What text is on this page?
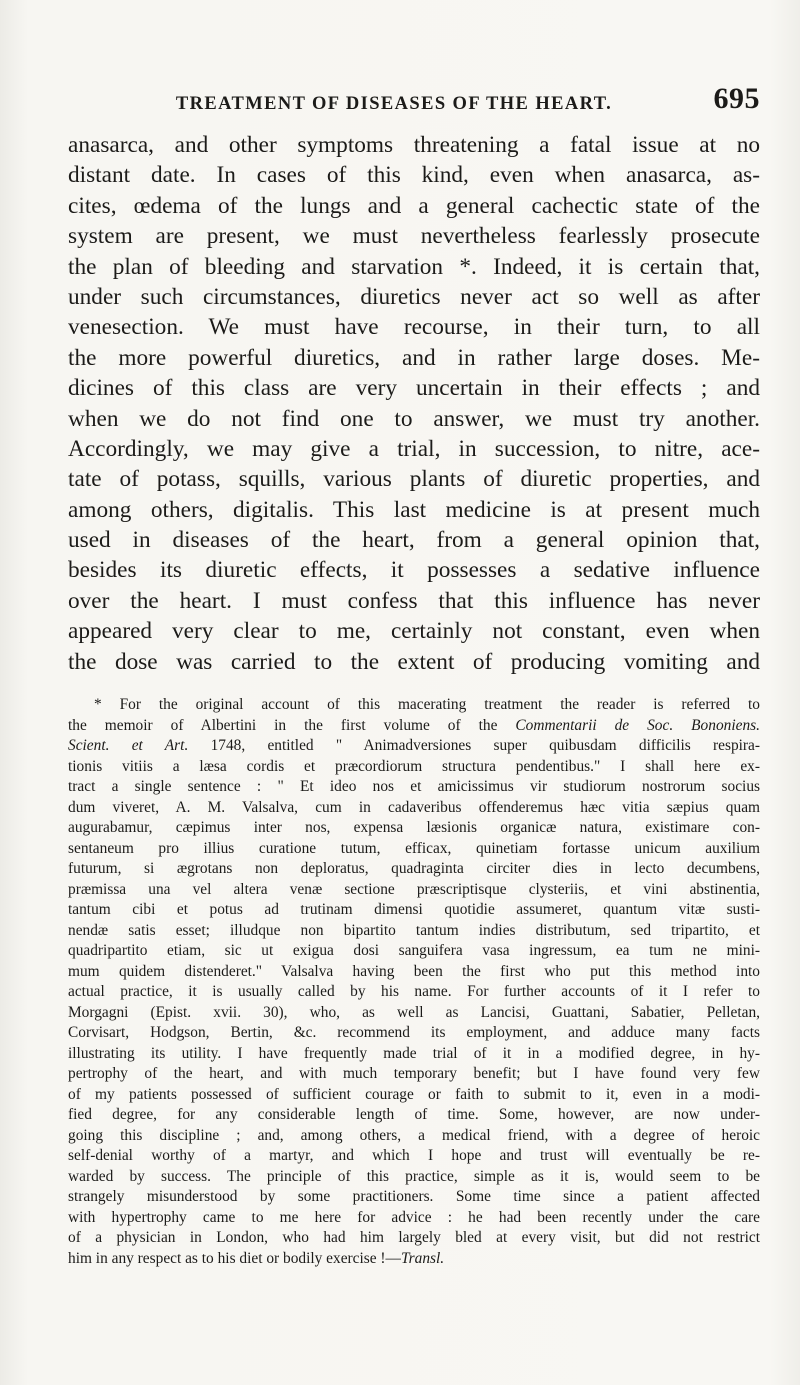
TREATMENT OF DISEASES OF THE HEART.	695
anasarca, and other symptoms threatening a fatal issue at no
distant date. In cases of this kind, even when anasarca, as-
cites, œdema of the lungs and a general cachectic state of the
system are present, we must nevertheless fearlessly prosecute
the plan of bleeding and starvation *. Indeed, it is certain that,
under such circumstances, diuretics never act so well as after
venesection. We must have recourse, in their turn, to all
the more powerful diuretics, and in rather large doses. Me-
dicines of this class are very uncertain in their effects ; and
when we do not find one to answer, we must try another.
Accordingly, we may give a trial, in succession, to nitre, ace-
tate of potass, squills, various plants of diuretic properties, and
among others, digitalis. This last medicine is at present much
used in diseases of the heart, from a general opinion that,
besides its diuretic effects, it possesses a sedative influence
over the heart. I must confess that this influence has never
appeared very clear to me, certainly not constant, even when
the dose was carried to the extent of producing vomiting and
* For the original account of this macerating treatment the reader is referred to
the memoir of Albertini in the first volume of the Commentarii de Soc. Bononiens.
Scient. et Art. 1748, entitled " Animadversiones super quibusdam difficilis respira-
tionis vitiis a læsa cordis et præcordiorum structura pendentibus." I shall here ex-
tract a single sentence : " Et ideo nos et amicissimus vir studiorum nostrorum socius
dum viveret, A. M. Valsalva, cum in cadaveribus offenderemus hæc vitia sæpius quam
augurabamur, cæpimus inter nos, expensa læsionis organicæ natura, existimare con-
sentaneum pro illius curatione tutum, efficax, quinetiam fortasse unicum auxilium
futurum, si ægrotans non deploratus, quadraginta circiter dies in lecto decumbens,
præmissa una vel altera venæ sectione præscriptisque clysteriis, et vini abstinentia,
tantum cibi et potus ad trutinam dimensi quotidie assumeret, quantum vitæ susti-
nendæ satis esset; illudque non bipartito tantum indies distributum, sed tripartito, et
quadripartito etiam, sic ut exigua dosi sanguifera vasa ingressum, ea tum ne mini-
mum quidem distenderet." Valsalva having been the first who put this method into
actual practice, it is usually called by his name. For further accounts of it I refer to
Morgagni (Epist. xvii. 30), who, as well as Lancisi, Guattani, Sabatier, Pelletan,
Corvisart, Hodgson, Bertin, &c. recommend its employment, and adduce many facts
illustrating its utility. I have frequently made trial of it in a modified degree, in hy-
pertrophy of the heart, and with much temporary benefit; but I have found very few
of my patients possessed of sufficient courage or faith to submit to it, even in a modi-
fied degree, for any considerable length of time. Some, however, are now under-
going this discipline ; and, among others, a medical friend, with a degree of heroic
self-denial worthy of a martyr, and which I hope and trust will eventually be re-
warded by success. The principle of this practice, simple as it is, would seem to be
strangely misunderstood by some practitioners. Some time since a patient affected
with hypertrophy came to me here for advice : he had been recently under the care
of a physician in London, who had him largely bled at every visit, but did not restrict
him in any respect as to his diet or bodily exercise !—Transl.
